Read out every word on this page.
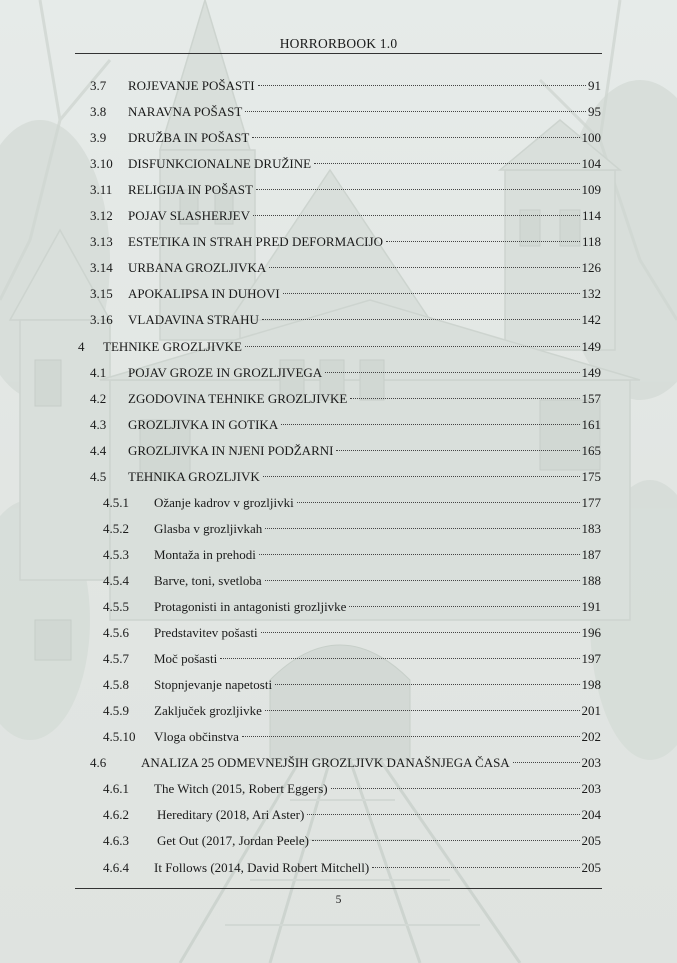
HORRORBOOK 1.0
3.7 ROJEVANJE POŠASTI	91
3.8 NARAVNA POŠAST	95
3.9 DRUŽBA IN POŠAST	100
3.10 DISFUNKCIONALNE DRUŽINE	104
3.11 RELIGIJA IN POŠAST	109
3.12 POJAV SLASHERJEV	114
3.13 ESTETIKA IN STRAH PRED DEFORMACIJO	118
3.14 URBANA GROZLJIVKA	126
3.15 APOKALIPSA IN DUHOVI	132
3.16 VLADAVINA STRAHU	142
4 TEHNIKE GROZLJIVKE	149
4.1 POJAV GROZE IN GROZLJIVEGA	149
4.2 ZGODOVINA TEHNIKE GROZLJIVKE	157
4.3 GROZLJIVKA IN GOTIKA	161
4.4 GROZLJIVKA IN NJENI PODŽARNI	165
4.5 TEHNIKA GROZLJIVK	175
4.5.1 Ožanje kadrov v grozljivki	177
4.5.2 Glasba v grozljivkah	183
4.5.3 Montaža in prehodi	187
4.5.4 Barve, toni, svetloba	188
4.5.5 Protagonisti in antagonisti grozljivke	191
4.5.6 Predstavitev pošasti	196
4.5.7 Moč pošasti	197
4.5.8 Stopnjevanje napetosti	198
4.5.9 Zaključek grozljivke	201
4.5.10 Vloga občinstva	202
4.6	ANALIZA 25 ODMEVNEJŠIH GROZLJIVK DANAŠNJEGA ČASA	203
4.6.1 The Witch (2015, Robert Eggers)	203
4.6.2 Hereditary (2018, Ari Aster)	204
4.6.3 Get Out (2017, Jordan Peele)	205
4.6.4 It Follows (2014, David Robert Mitchell)	205
5
